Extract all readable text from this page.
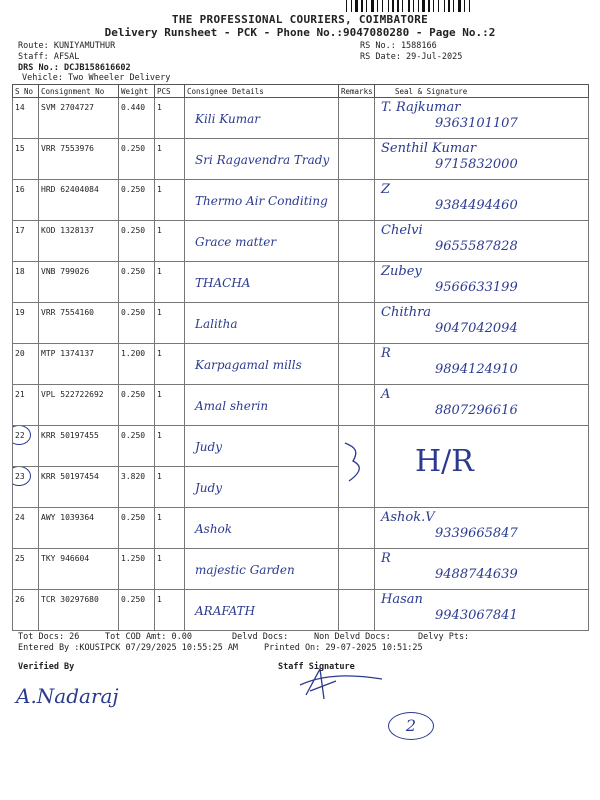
THE PROFESSIONAL COURIERS, COIMBATORE
Delivery Runsheet - PCK - Phone No.:9047080280 - Page No.:2
Route: KUNIYAMUTHUR
Staff: AFSAL
DRS No.: DCJB158616602
Vehicle: Two Wheeler Delivery
RS No.: 1588166
RS Date: 29-Jul-2025
S No	Consignment No	Weight	PCS	Consignee Details	Remarks	Seal & Signature
14	SVM 2704727	0.440	1	Kili Kumar		T. Rajkumar
9363101107

15	VRR 7553976	0.250	1	Sri Ragavendra Trady		Senthil Kumar
9715832000

16	HRD 62404084	0.250	1	Thermo Air Conditing		Z
9384494460

17	KOD 1328137	0.250	1	Grace matter		Chelvi
9655587828

18	VNB 799026	0.250	1	THACHA		Zubey
9566633199

19	VRR 7554160	0.250	1	Lalitha		Chithra
9047042094

20	MTP 1374137	1.200	1	Karpagamal mills		R
9894124910

21	VPL 522722692	0.250	1	Amal sherin		A
8807296616

22	KRR 50197455	0.250	1	Judy		H/R

23	KRR 50197454	3.820	1	Judy		

24	AWY 1039364	0.250	1	Ashok		Ashok.V
9339665847

25	TKY 946604	1.250	1	majestic Garden		R
9488744639

26	TCR 30297680	0.250	1	ARAFATH		Hasan
9943067841
Tot Docs: 26	Tot COD Amt: 0.00	Delvd Docs:	Non Delvd Docs:	Delvy Pts:
Entered By :KOUSIPCK 07/29/2025 10:55:25 AM	Printed On: 29-07-2025 10:51:25
Verified By	Staff Signature
A.Nadaraj
2
